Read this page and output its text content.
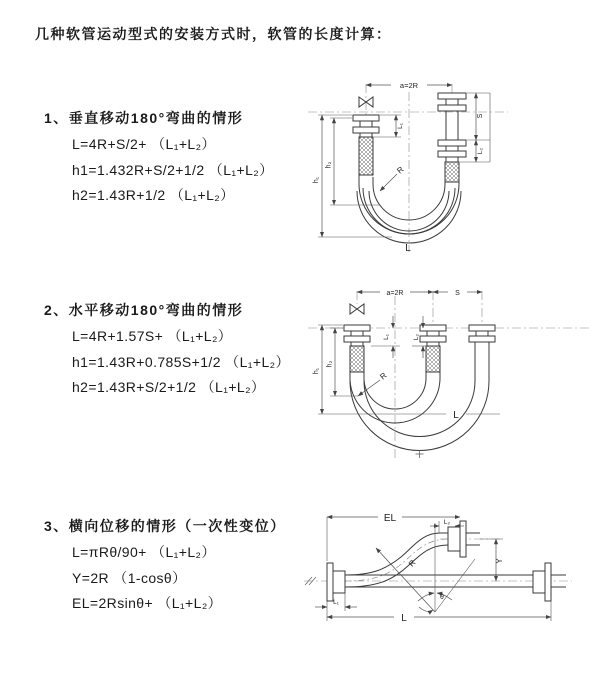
几种软管运动型式的安装方式时，软管的长度计算：
1、垂直移动180°弯曲的情形
L=4R+S/2+ （L₁+L₂）
h1=1.432R+S/2+1/2 （L₁+L₂）
h2=1.43R+1/2 （L₁+L₂）
2、水平移动180°弯曲的情形
L=4R+1.57S+ （L₁+L₂）
h1=1.43R+0.785S+1/2 （L₁+L₂）
h2=1.43R+S/2+1/2 （L₁+L₂）
3、横向位移的情形（一次性变位）
L=πRθ/90+ （L₁+L₂）
Y=2R （1-cosθ）
EL=2Rsinθ+ （L₁+L₂）
a=2R
h₁
h₂
L₁
S
L₂
R
L
a=2R	S
h₁
L
h₂
L₁	L₂
R
EL	L₂
Y
L
L₁
R
θ
